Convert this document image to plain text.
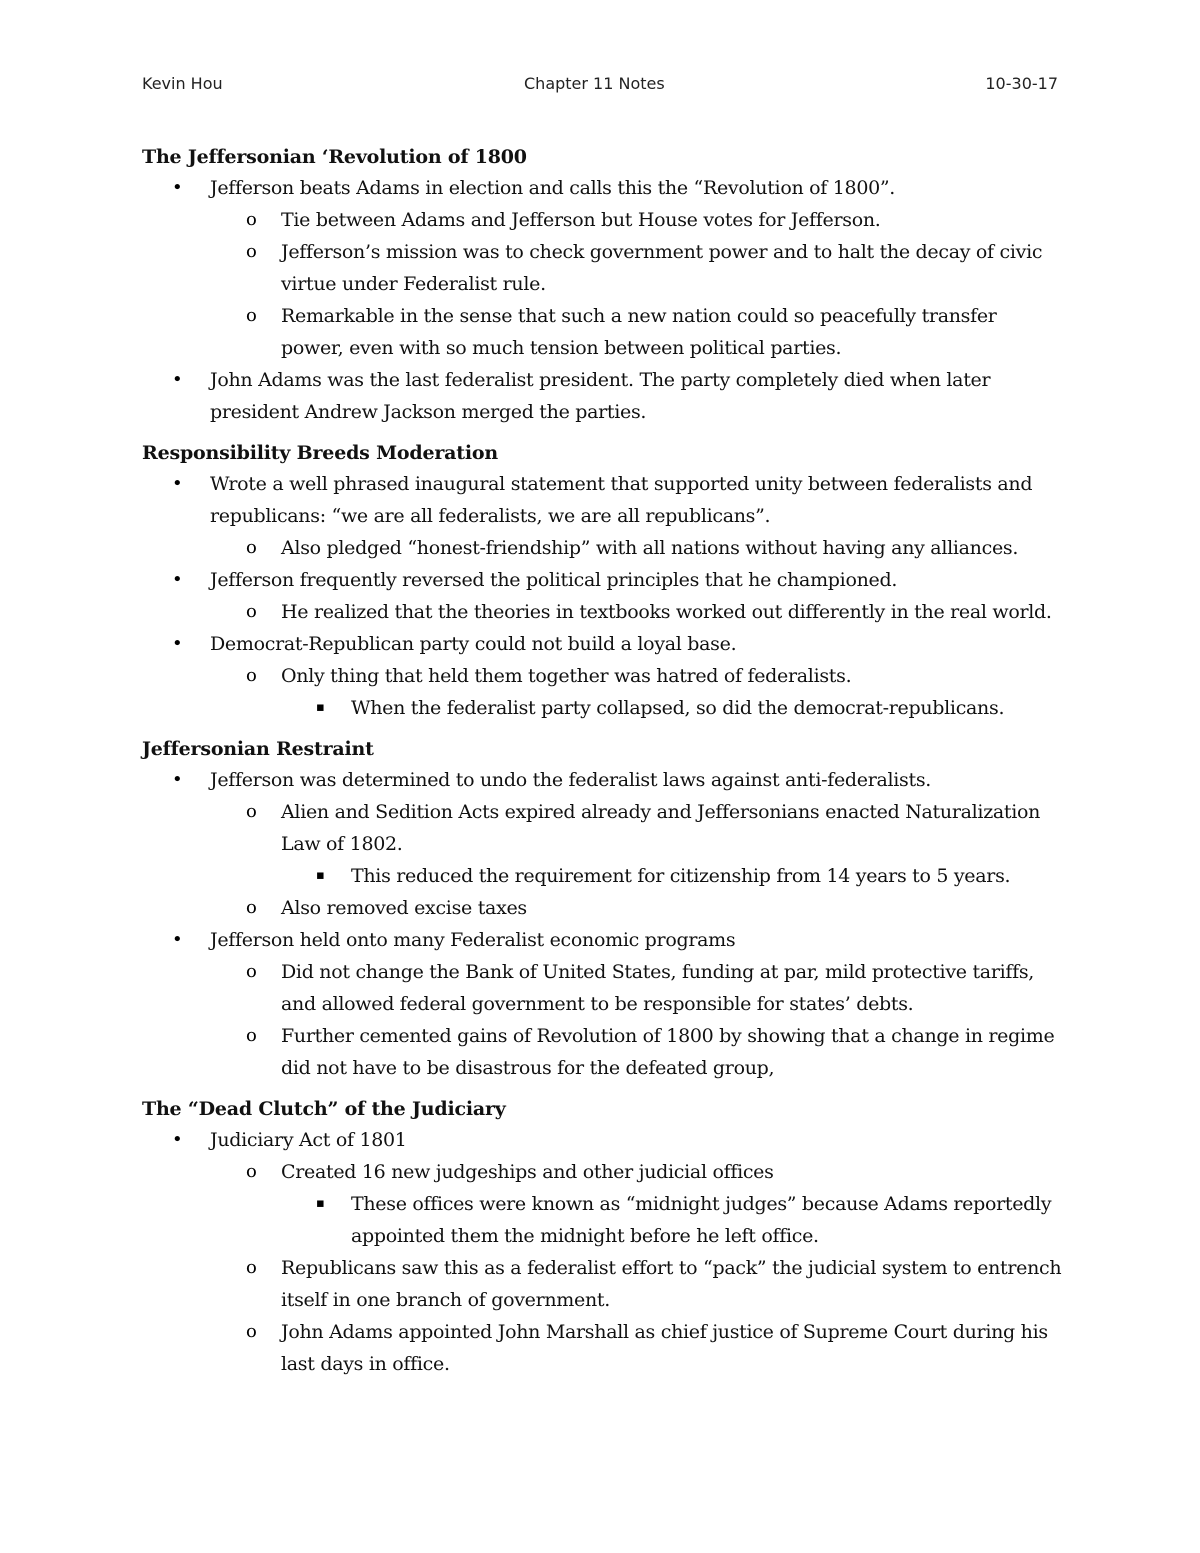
Kevin Hou	Chapter 11 Notes	10-30-17
The Jeffersonian ‘Revolution of 1800
• Jefferson beats Adams in election and calls this the “Revolution of 1800”.
o Tie between Adams and Jefferson but House votes for Jefferson.
o Jefferson’s mission was to check government power and to halt the decay of civic virtue under Federalist rule.
o Remarkable in the sense that such a new nation could so peacefully transfer power, even with so much tension between political parties.
• John Adams was the last federalist president. The party completely died when later president Andrew Jackson merged the parties.
Responsibility Breeds Moderation
• Wrote a well phrased inaugural statement that supported unity between federalists and republicans: “we are all federalists, we are all republicans”.
o Also pledged “honest-friendship” with all nations without having any alliances.
• Jefferson frequently reversed the political principles that he championed.
o He realized that the theories in textbooks worked out differently in the real world.
• Democrat-Republican party could not build a loyal base.
o Only thing that held them together was hatred of federalists.
▪ When the federalist party collapsed, so did the democrat-republicans.
Jeffersonian Restraint
• Jefferson was determined to undo the federalist laws against anti-federalists.
o Alien and Sedition Acts expired already and Jeffersonians enacted Naturalization Law of 1802.
▪ This reduced the requirement for citizenship from 14 years to 5 years.
o Also removed excise taxes
• Jefferson held onto many Federalist economic programs
o Did not change the Bank of United States, funding at par, mild protective tariffs, and allowed federal government to be responsible for states’ debts.
o Further cemented gains of Revolution of 1800 by showing that a change in regime did not have to be disastrous for the defeated group,
The “Dead Clutch” of the Judiciary
• Judiciary Act of 1801
o Created 16 new judgeships and other judicial offices
▪ These offices were known as “midnight judges” because Adams reportedly appointed them the midnight before he left office.
o Republicans saw this as a federalist effort to “pack” the judicial system to entrench itself in one branch of government.
o John Adams appointed John Marshall as chief justice of Supreme Court during his last days in office.
